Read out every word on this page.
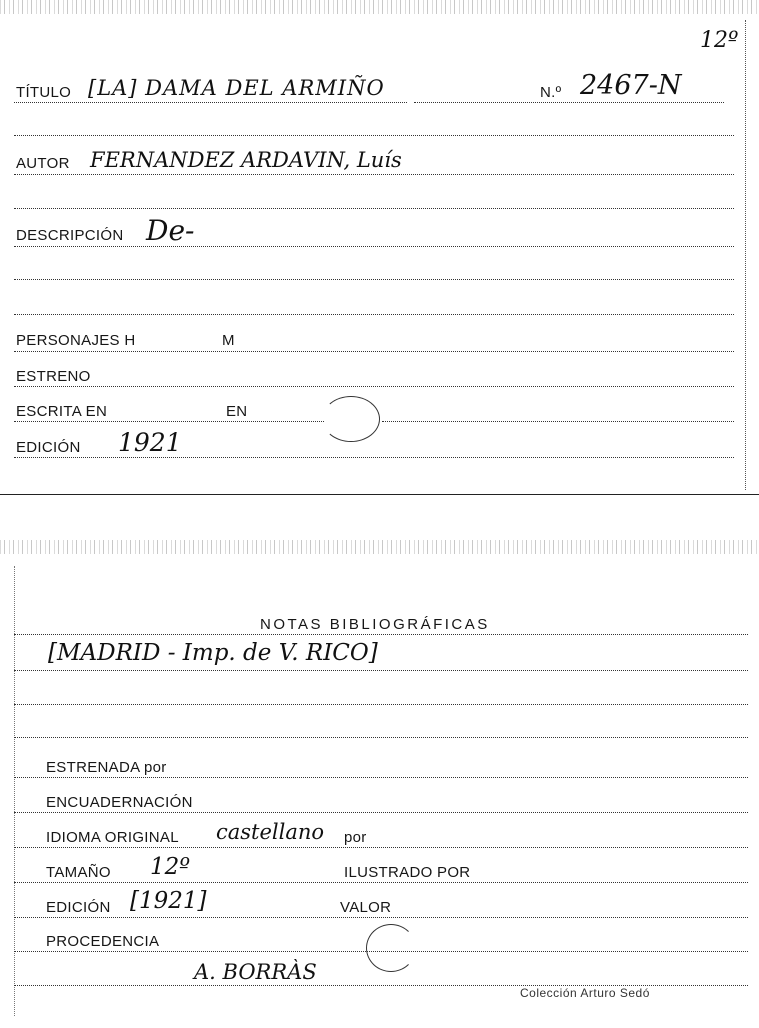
12º
TÍTULO [LA] DAMA DEL ARMIÑO	N.º 2467-N
AUTOR FERNANDEZ ARDAVIN, Luís
DESCRIPCIÓN De-
PERSONAJES H	M
ESTRENO
ESCRITA EN	EN
EDICIÓN 1921
NOTAS BIBLIOGRÁFICAS
[MADRID - Imp. de V. RICO]
ESTRENADA por
ENCUADERNACIÓN
IDIOMA ORIGINAL castellano por
TAMAÑO 12º	ILUSTRADO POR
EDICIÓN [1921]	VALOR
PROCEDENCIA
A. BORRÀS
Colección Arturo Sedó
